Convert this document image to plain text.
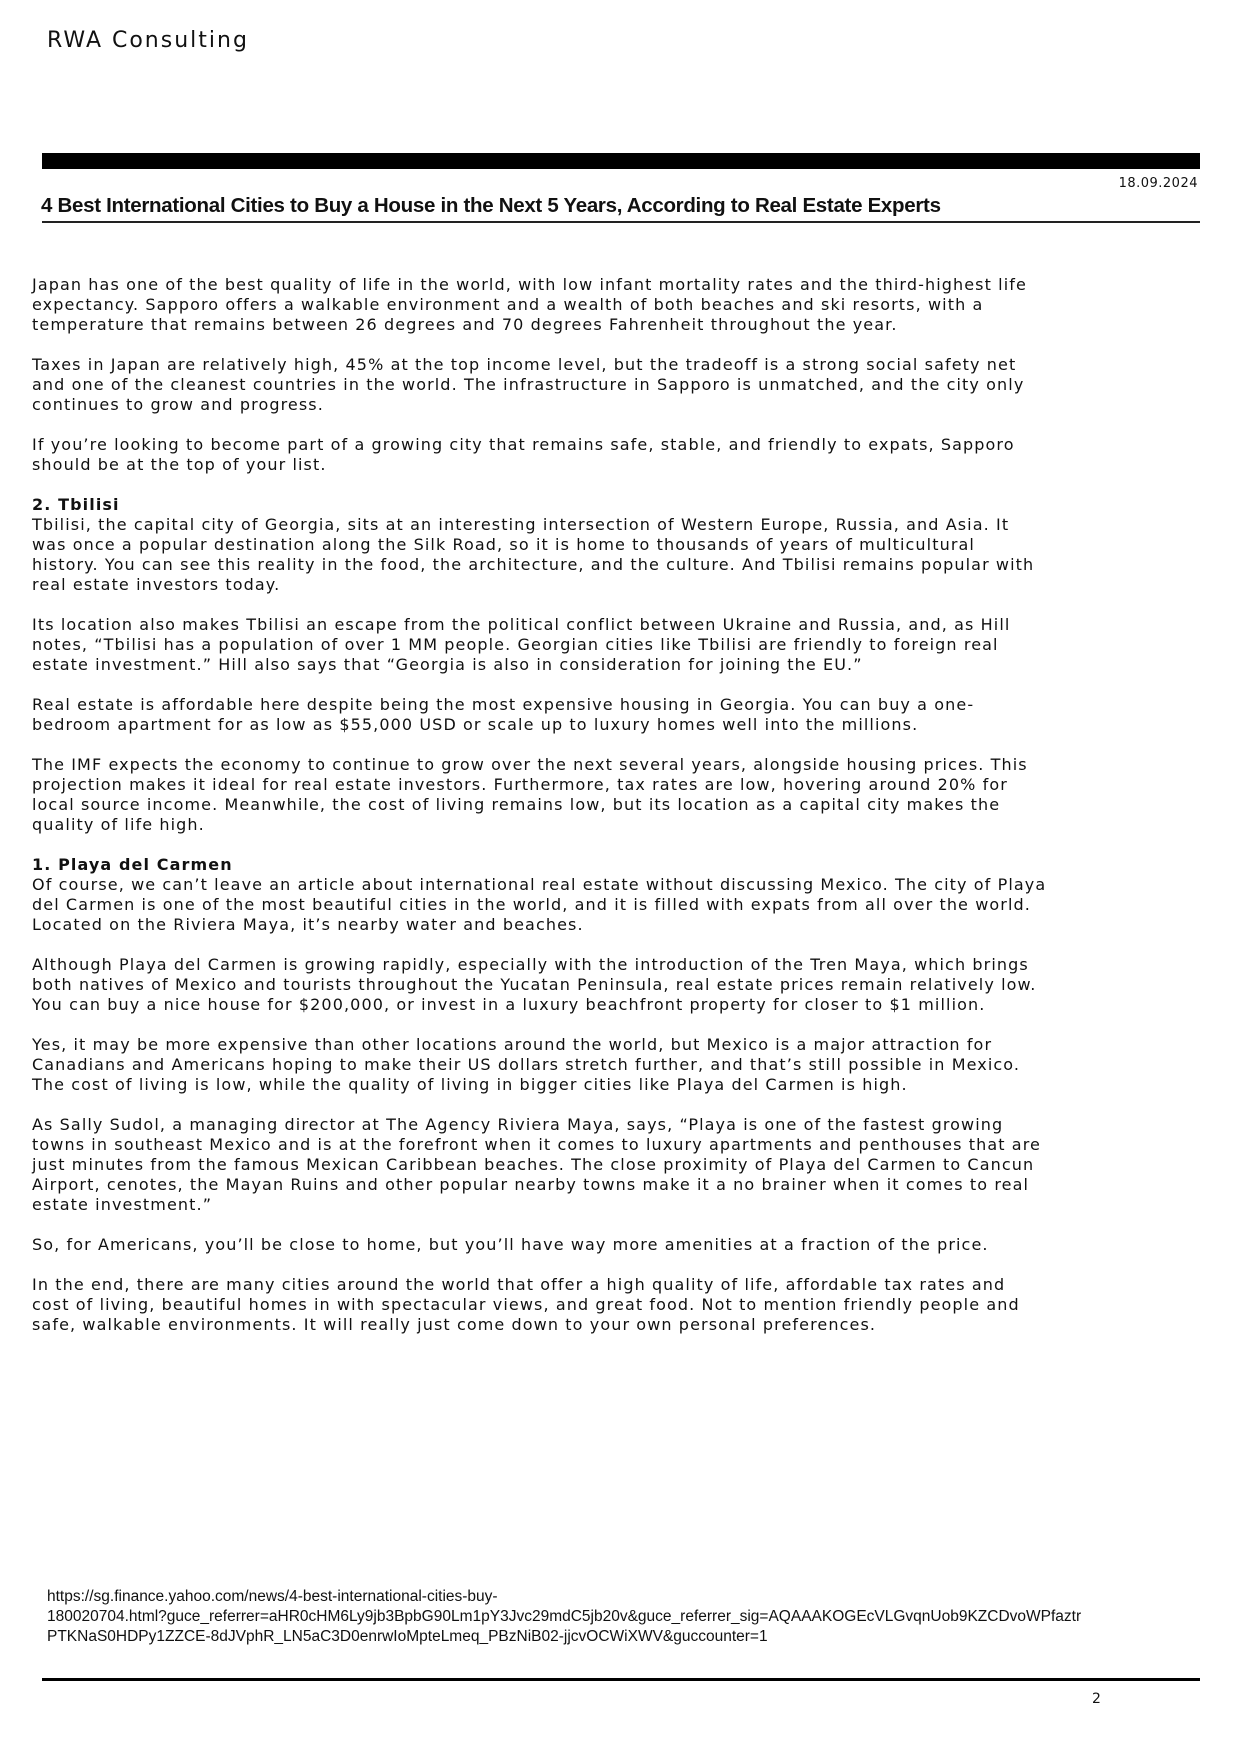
RWA Consulting
18.09.2024
4 Best International Cities to Buy a House in the Next 5 Years, According to Real Estate Experts

Japan has one of the best quality of life in the world, with low infant mortality rates and the third-highest life
expectancy. Sapporo offers a walkable environment and a wealth of both beaches and ski resorts, with a
temperature that remains between 26 degrees and 70 degrees Fahrenheit throughout the year.

Taxes in Japan are relatively high, 45% at the top income level, but the tradeoff is a strong social safety net
and one of the cleanest countries in the world. The infrastructure in Sapporo is unmatched, and the city only
continues to grow and progress.

If you’re looking to become part of a growing city that remains safe, stable, and friendly to expats, Sapporo
should be at the top of your list.

2. Tbilisi

Tbilisi, the capital city of Georgia, sits at an interesting intersection of Western Europe, Russia, and Asia. It
was once a popular destination along the Silk Road, so it is home to thousands of years of multicultural
history. You can see this reality in the food, the architecture, and the culture. And Tbilisi remains popular with
real estate investors today.

Its location also makes Tbilisi an escape from the political conflict between Ukraine and Russia, and, as Hill
notes, “Tbilisi has a population of over 1 MM people. Georgian cities like Tbilisi are friendly to foreign real
estate investment.” Hill also says that “Georgia is also in consideration for joining the EU.”

Real estate is affordable here despite being the most expensive housing in Georgia. You can buy a one-
bedroom apartment for as low as $55,000 USD or scale up to luxury homes well into the millions.

The IMF expects the economy to continue to grow over the next several years, alongside housing prices. This
projection makes it ideal for real estate investors. Furthermore, tax rates are low, hovering around 20% for
local source income. Meanwhile, the cost of living remains low, but its location as a capital city makes the
quality of life high.

1. Playa del Carmen

Of course, we can’t leave an article about international real estate without discussing Mexico. The city of Playa
del Carmen is one of the most beautiful cities in the world, and it is filled with expats from all over the world.
Located on the Riviera Maya, it’s nearby water and beaches.

Although Playa del Carmen is growing rapidly, especially with the introduction of the Tren Maya, which brings
both natives of Mexico and tourists throughout the Yucatan Peninsula, real estate prices remain relatively low.
You can buy a nice house for $200,000, or invest in a luxury beachfront property for closer to $1 million.

Yes, it may be more expensive than other locations around the world, but Mexico is a major attraction for
Canadians and Americans hoping to make their US dollars stretch further, and that’s still possible in Mexico.
The cost of living is low, while the quality of living in bigger cities like Playa del Carmen is high.

As Sally Sudol, a managing director at The Agency Riviera Maya, says, “Playa is one of the fastest growing
towns in southeast Mexico and is at the forefront when it comes to luxury apartments and penthouses that are
just minutes from the famous Mexican Caribbean beaches. The close proximity of Playa del Carmen to Cancun
Airport, cenotes, the Mayan Ruins and other popular nearby towns make it a no brainer when it comes to real
estate investment.”

So, for Americans, you’ll be close to home, but you’ll have way more amenities at a fraction of the price.

In the end, there are many cities around the world that offer a high quality of life, affordable tax rates and
cost of living, beautiful homes in with spectacular views, and great food. Not to mention friendly people and
safe, walkable environments. It will really just come down to your own personal preferences.

https://sg.finance.yahoo.com/news/4-best-international-cities-buy-
180020704.html?guce_referrer=aHR0cHM6Ly9jb3BpbG90Lm1pY3Jvc29mdC5jb20v&guce_referrer_sig=AQAAAKOGEcVLGvqnUob9KZCDvoWPfaztr
PTKNaS0HDPy1ZZCE-8dJVphR_LN5aC3D0enrwIoMpteLmeq_PBzNiB02-jjcvOCWiXWV&guccounter=1
2
